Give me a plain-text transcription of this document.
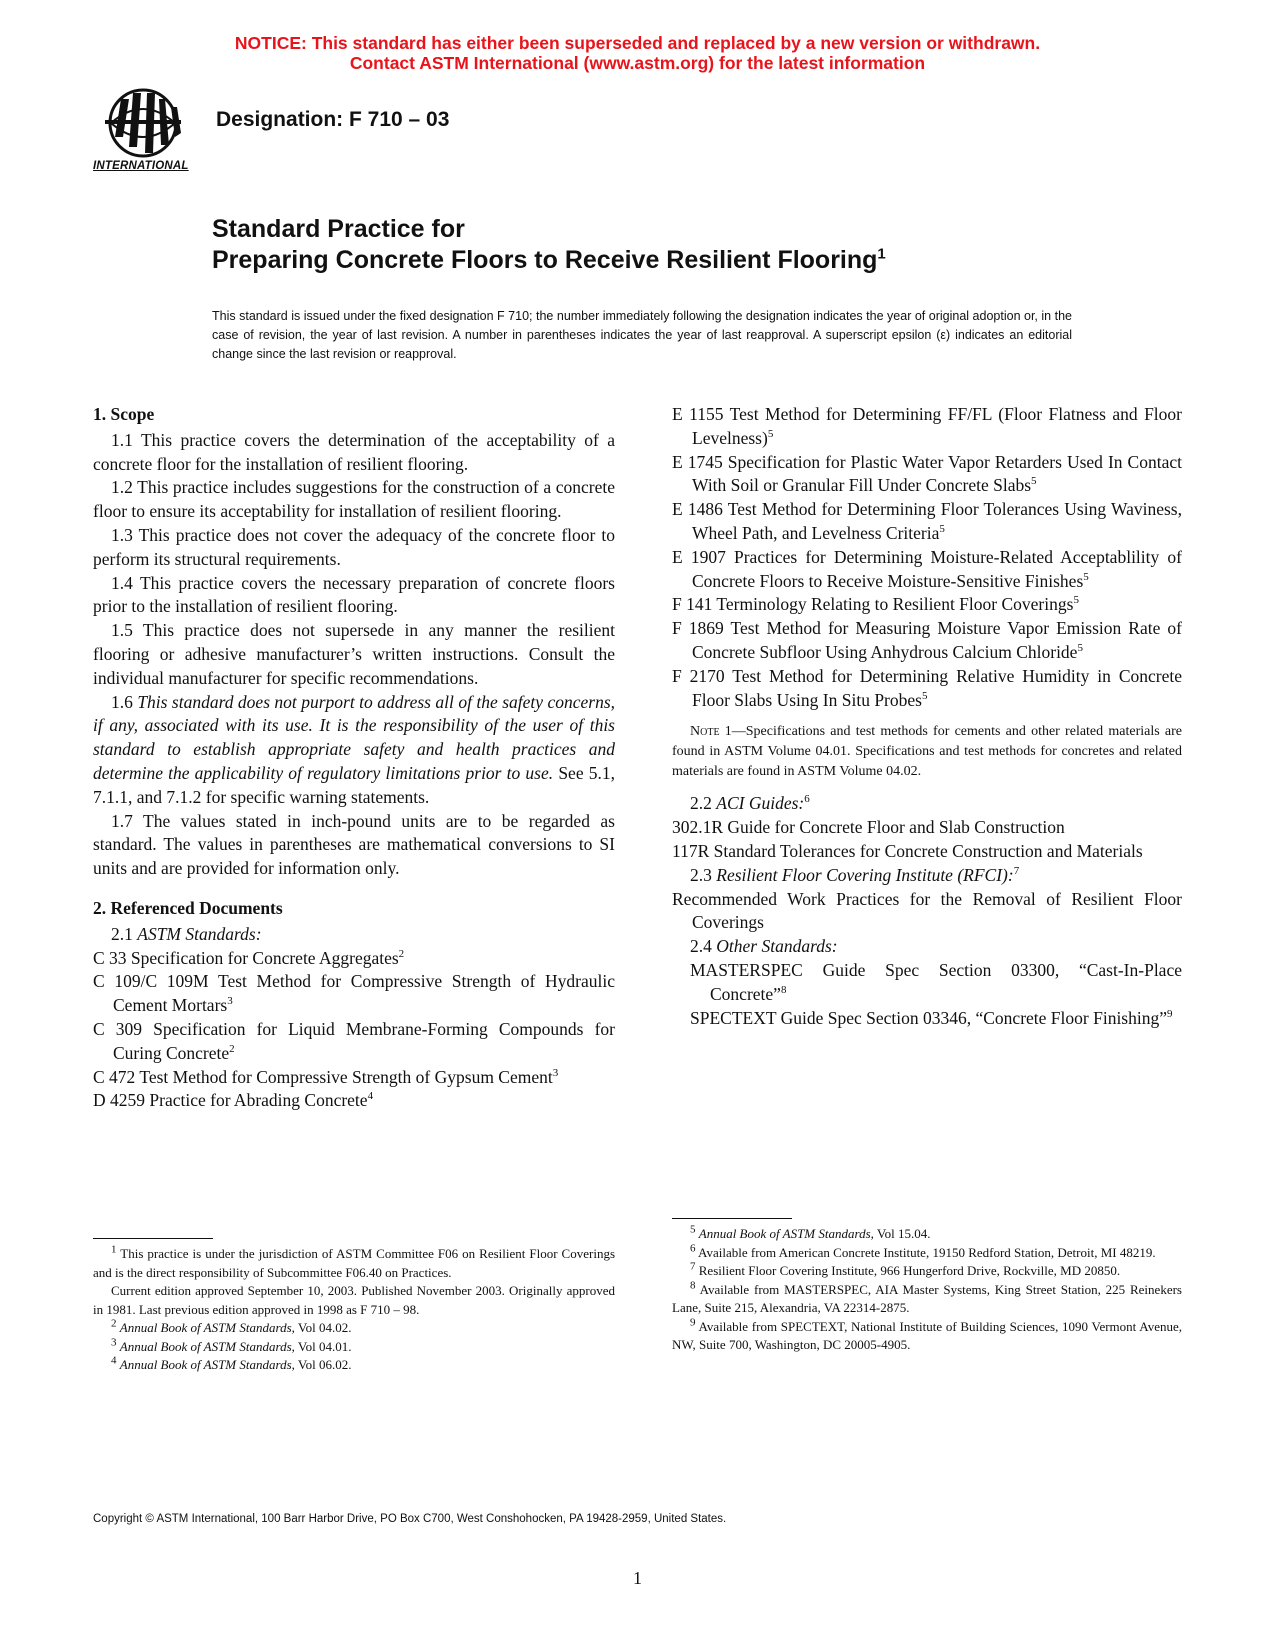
NOTICE: This standard has either been superseded and replaced by a new version or withdrawn.
Contact ASTM International (www.astm.org) for the latest information
INTERNATIONAL
Designation: F 710 – 03
Standard Practice for
Preparing Concrete Floors to Receive Resilient Flooring$^1$
This standard is issued under the fixed designation F 710; the number immediately following the designation indicates the year of original adoption or, in the case of revision, the year of last revision. A number in parentheses indicates the year of last reapproval. A superscript epsilon (ε) indicates an editorial change since the last revision or reapproval.
1. Scope

1.1 This practice covers the determination of the acceptability of a concrete floor for the installation of resilient flooring.

1.2 This practice includes suggestions for the construction of a concrete floor to ensure its acceptability for installation of resilient flooring.

1.3 This practice does not cover the adequacy of the concrete floor to perform its structural requirements.

1.4 This practice covers the necessary preparation of concrete floors prior to the installation of resilient flooring.

1.5 This practice does not supersede in any manner the resilient flooring or adhesive manufacturer’s written instructions. Consult the individual manufacturer for specific recommendations.

1.6 This standard does not purport to address all of the safety concerns, if any, associated with its use. It is the responsibility of the user of this standard to establish appropriate safety and health practices and determine the applicability of regulatory limitations prior to use. See 5.1, 7.1.1, and 7.1.2 for specific warning statements.

1.7 The values stated in inch-pound units are to be regarded as standard. The values in parentheses are mathematical conversions to SI units and are provided for information only.

2. Referenced Documents

2.1 ASTM Standards:

C 33 Specification for Concrete Aggregates$^2$

C 109/C 109M Test Method for Compressive Strength of Hydraulic Cement Mortars$^3$

C 309 Specification for Liquid Membrane-Forming Compounds for Curing Concrete$^2$

C 472 Test Method for Compressive Strength of Gypsum Cement$^3$

D 4259 Practice for Abrading Concrete$^4$

E 1155 Test Method for Determining FF/FL (Floor Flatness and Floor Levelness)$^5$

E 1745 Specification for Plastic Water Vapor Retarders Used In Contact With Soil or Granular Fill Under Concrete Slabs$^5$

E 1486 Test Method for Determining Floor Tolerances Using Waviness, Wheel Path, and Levelness Criteria$^5$

E 1907 Practices for Determining Moisture-Related Acceptablility of Concrete Floors to Receive Moisture-Sensitive Finishes$^5$

F 141 Terminology Relating to Resilient Floor Coverings$^5$

F 1869 Test Method for Measuring Moisture Vapor Emission Rate of Concrete Subfloor Using Anhydrous Calcium Chloride$^5$

F 2170 Test Method for Determining Relative Humidity in Concrete Floor Slabs Using In Situ Probes$^5$

Note 1—Specifications and test methods for cements and other related materials are found in ASTM Volume 04.01. Specifications and test methods for concretes and related materials are found in ASTM Volume 04.02.

2.2 ACI Guides:$^6$

302.1R Guide for Concrete Floor and Slab Construction

117R Standard Tolerances for Concrete Construction and Materials

2.3 Resilient Floor Covering Institute (RFCI):$^7$

Recommended Work Practices for the Removal of Resilient Floor Coverings

2.4 Other Standards:

MASTERSPEC Guide Spec Section 03300, “Cast-In-Place Concrete”$^8$

SPECTEXT Guide Spec Section 03346, “Concrete Floor Finishing”$^9$

$^1$ This practice is under the jurisdiction of ASTM Committee F06 on Resilient Floor Coverings and is the direct responsibility of Subcommittee F06.40 on Practices.

Current edition approved September 10, 2003. Published November 2003. Originally approved in 1981. Last previous edition approved in 1998 as F 710 – 98.

$^2$ Annual Book of ASTM Standards, Vol 04.02.

$^3$ Annual Book of ASTM Standards, Vol 04.01.

$^4$ Annual Book of ASTM Standards, Vol 06.02.

$^5$ Annual Book of ASTM Standards, Vol 15.04.

$^6$ Available from American Concrete Institute, 19150 Redford Station, Detroit, MI 48219.

$^7$ Resilient Floor Covering Institute, 966 Hungerford Drive, Rockville, MD 20850.

$^8$ Available from MASTERSPEC, AIA Master Systems, King Street Station, 225 Reinekers Lane, Suite 215, Alexandria, VA 22314-2875.

$^9$ Available from SPECTEXT, National Institute of Building Sciences, 1090 Vermont Avenue, NW, Suite 700, Washington, DC 20005-4905.

Copyright © ASTM International, 100 Barr Harbor Drive, PO Box C700, West Conshohocken, PA 19428-2959, United States.
1
